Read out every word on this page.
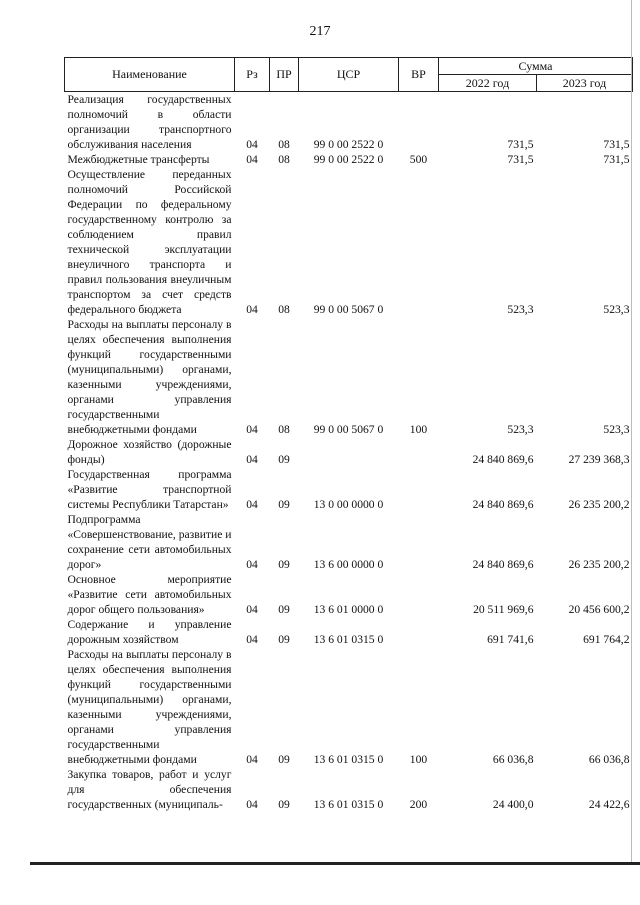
217
Наименование	Рз	ПР	ЦСР	ВР	Сумма	
					2022 год	2023 год
Реализация государственных полномочий в области организации транспортного обслуживания населения	04	08	99 0 00 2522 0		731,5	731,5
Межбюджетные трансферты	04	08	99 0 00 2522 0	500	731,5	731,5
Осуществление переданных полномочий Российской Федерации по федеральному государственному контролю за соблюдением правил технической эксплуатации внеуличного транспорта и правил пользования внеуличным транспортом за счет средств федерального бюджета	04	08	99 0 00 5067 0		523,3	523,3
Расходы на выплаты персоналу в целях обеспечения выполнения функций государственными (муниципальными) органами, казенными учреждениями, органами управления государственными внебюджетными фондами	04	08	99 0 00 5067 0	100	523,3	523,3
Дорожное хозяйство (дорожные фонды)	04	09			24 840 869,6	27 239 368,3
Государственная программа «Развитие транспортной системы Республики Татарстан»	04	09	13 0 00 0000 0		24 840 869,6	26 235 200,2
Подпрограмма «Совершенствование, развитие и сохранение сети автомобильных дорог»	04	09	13 6 00 0000 0		24 840 869,6	26 235 200,2
Основное мероприятие «Развитие сети автомобильных дорог общего пользования»	04	09	13 6 01 0000 0		20 511 969,6	20 456 600,2
Содержание и управление дорожным хозяйством	04	09	13 6 01 0315 0		691 741,6	691 764,2
Расходы на выплаты персоналу в целях обеспечения выполнения функций государственными (муниципальными) органами, казенными учреждениями, органами управления государственными внебюджетными фондами	04	09	13 6 01 0315 0	100	66 036,8	66 036,8
Закупка товаров, работ и услуг для обеспечения государственных (муниципаль-	04	09	13 6 01 0315 0	200	24 400,0	24 422,6
